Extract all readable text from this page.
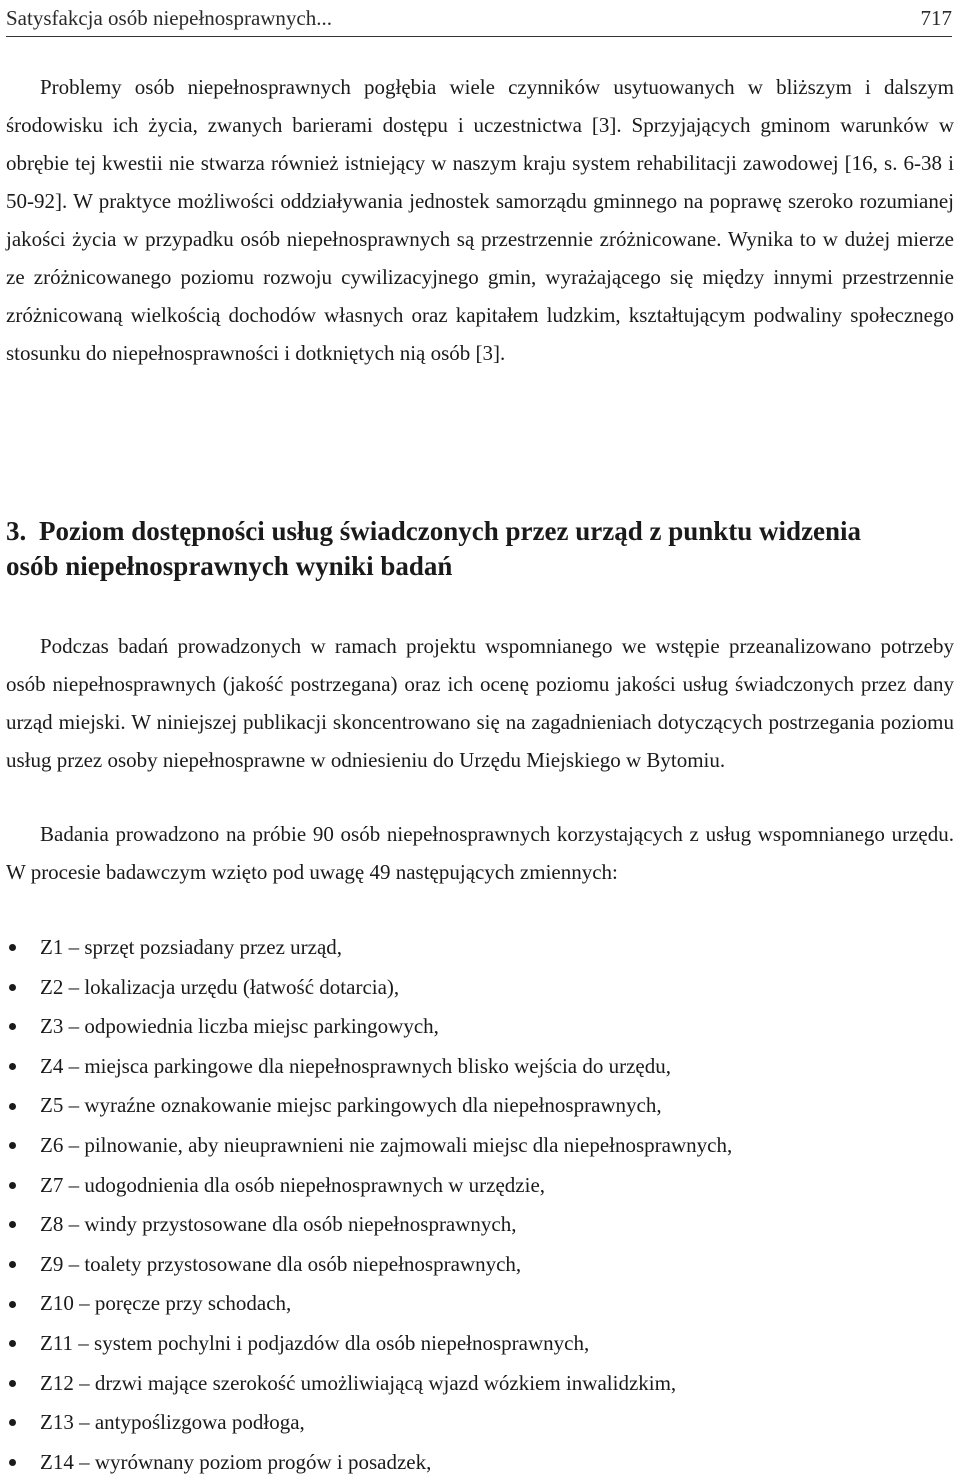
Satysfakcja osób niepełnosprawnych...	717

Problemy osób niepełnosprawnych pogłębia wiele czynników usytuowanych w bliższym i dalszym środowisku ich życia, zwanych barierami dostępu i uczestnictwa [3]. Sprzyjających gminom warunków w obrębie tej kwestii nie stwarza również istniejący w naszym kraju system rehabilitacji zawodowej [16, s. 6-38 i 50-92]. W praktyce możliwości oddziaływania jednostek samorządu gminnego na poprawę szeroko rozumianej jakości życia w przypadku osób niepełnosprawnych są przestrzennie zróżnicowane. Wynika to w dużej mierze ze zróżnicowanego poziomu rozwoju cywilizacyjnego gmin, wyrażającego się między innymi przestrzennie zróżnicowaną wielkością dochodów własnych oraz kapitałem ludzkim, kształtującym podwaliny społecznego stosunku do niepełnosprawności i dotkniętych nią osób [3].

3. Poziom dostępności usług świadczonych przez urząd z punktu widzenia
osób niepełnosprawnych wyniki badań

Podczas badań prowadzonych w ramach projektu wspomnianego we wstępie przeanalizowano potrzeby osób niepełnosprawnych (jakość postrzegana) oraz ich ocenę poziomu jakości usług świadczonych przez dany urząd miejski. W niniejszej publikacji skoncentrowano się na zagadnieniach dotyczących postrzegania poziomu usług przez osoby niepełnosprawne w odniesieniu do Urzędu Miejskiego w Bytomiu.

Badania prowadzono na próbie 90 osób niepełnosprawnych korzystających z usług wspomnianego urzędu. W procesie badawczym wzięto pod uwagę 49 następujących zmiennych:

Z1 – sprzęt pozsiadany przez urząd,
Z2 – lokalizacja urzędu (łatwość dotarcia),
Z3 – odpowiednia liczba miejsc parkingowych,
Z4 – miejsca parkingowe dla niepełnosprawnych blisko wejścia do urzędu,
Z5 – wyraźne oznakowanie miejsc parkingowych dla niepełnosprawnych,
Z6 – pilnowanie, aby nieuprawnieni nie zajmowali miejsc dla niepełnosprawnych,
Z7 – udogodnienia dla osób niepełnosprawnych w urzędzie,
Z8 – windy przystosowane dla osób niepełnosprawnych,
Z9 – toalety przystosowane dla osób niepełnosprawnych,
Z10 – poręcze przy schodach,
Z11 – system pochylni i podjazdów dla osób niepełnosprawnych,
Z12 – drzwi mające szerokość umożliwiającą wjazd wózkiem inwalidzkim,
Z13 – antypoślizgowa podłoga,
Z14 – wyrównany poziom progów i posadzek,
